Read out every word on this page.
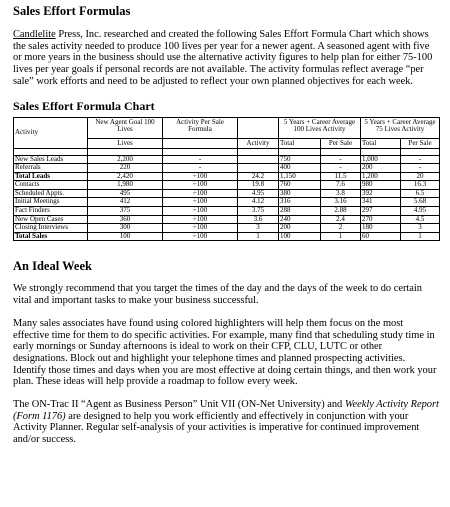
Sales Effort Formulas

Candlelite Press, Inc. researched and created the following Sales Effort Formula Chart which shows the sales activity needed to produce 100 lives per year for a newer agent. A seasoned agent with five or more years in the business should use the alternative activity figures to help plan for either 75-100 lives per year goals if personal records are not available. The activity formulas reflect average “per sale” work efforts and need to be adjusted to reflect your own planned objectives for each week.

Sales Effort Formula Chart
Activity	New Agent Goal 100 Lives	Activity Per Sale Formula		5 Years + Career Average 100 Lives Activity		5 Years + Career Average 75 Lives Activity	
	Lives		Activity	Total	Per Sale	Total	Per Sale

New Sales Leads	2,200	-		750	-	1,000	-
Referrals	220	-		400	-	200	-
Total Leads	2,420	÷100	24.2	1,150	11.5	1,200	20
Contacts	1,980	÷100	19.8	760	7.6	980	16.3
Scheduled Appts.	495	÷100	4.95	380	3.8	392	6.5
Initial Meetings	412	÷100	4.12	316	3.16	341	5.68
Fact Finders	375	÷100	3.75	288	2.88	297	4.95
New Open Cases	360	÷100	3.6	240	2.4	270	4.5
Closing Interviews	300	÷100	3	200	2	180	3
Total Sales	100	÷100	1	100	1	60	1
An Ideal Week

We strongly recommend that you target the times of the day and the days of the week to do certain vital and important tasks to make your business successful.

Many sales associates have found using colored highlighters will help them focus on the most effective time for them to do specific activities. For example, many find that scheduling study time in early mornings or Sunday afternoons is ideal to work on their CFP, CLU, LUTC or other designations. Block out and highlight your telephone times and planned prospecting activities. Identify those times and days when you are most effective at doing certain things, and then work your plan. These ideas will help provide a roadmap to follow every week.

The ON-Trac II “Agent as Business Person” Unit VII (ON-Net University) and Weekly Activity Report (Form 1176) are designed to help you work efficiently and effectively in conjunction with your Activity Planner. Regular self-analysis of your activities is imperative for continued improvement and/or success.
